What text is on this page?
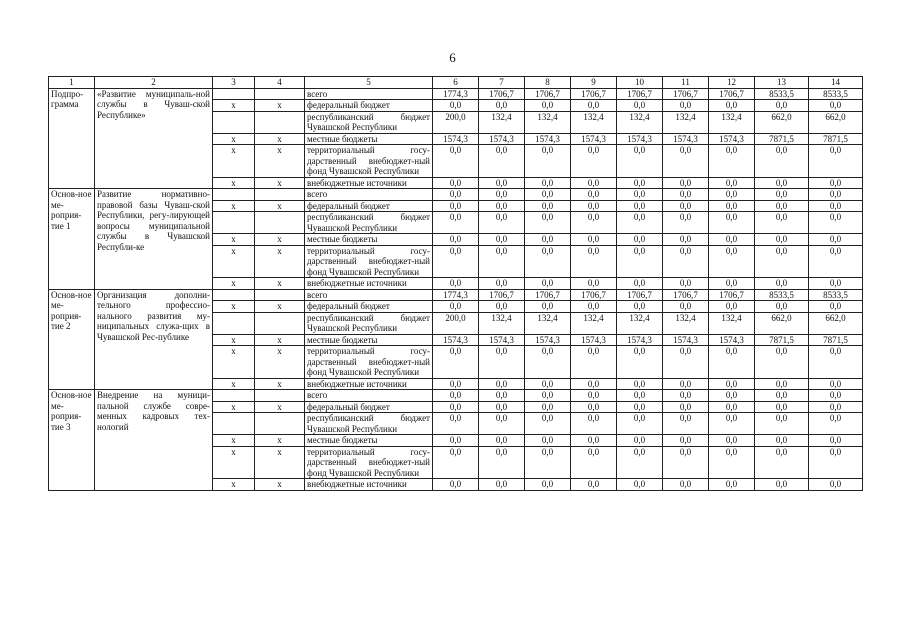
6
1	2	3	4	5	6	7	8	9	10	11	12	13	14
Подпро-грамма	«Развитие муниципаль-ной службы в Чуваш-ской Республике»			всего	1774,3	1706,7	1706,7	1706,7	1706,7	1706,7	1706,7	8533,5	8533,5
		x	x	федеральный бюджет	0,0	0,0	0,0	0,0	0,0	0,0	0,0	0,0	0,0
				республиканский бюджет Чувашской Республики	200,0	132,4	132,4	132,4	132,4	132,4	132,4	662,0	662,0
		x	x	местные бюджеты	1574,3	1574,3	1574,3	1574,3	1574,3	1574,3	1574,3	7871,5	7871,5
		x	x	территориальный госу-дарственный внебюджет-ный фонд Чувашской Республики	0,0	0,0	0,0	0,0	0,0	0,0	0,0	0,0	0,0
		x	x	внебюджетные источники	0,0	0,0	0,0	0,0	0,0	0,0	0,0	0,0	0,0
Основ-ное ме-роприя-тие 1	Развитие нормативно-правовой базы Чуваш-ской Республики, регу-лирующей вопросы муниципальной службы в Чувашской Республи-ке			всего	0,0	0,0	0,0	0,0	0,0	0,0	0,0	0,0	0,0
		x	x	федеральный бюджет	0,0	0,0	0,0	0,0	0,0	0,0	0,0	0,0	0,0
				республиканский бюджет Чувашской Республики	0,0	0,0	0,0	0,0	0,0	0,0	0,0	0,0	0,0
		x	x	местные бюджеты	0,0	0,0	0,0	0,0	0,0	0,0	0,0	0,0	0,0
		x	x	территориальный госу-дарственный внебюджет-ный фонд Чувашской Республики	0,0	0,0	0,0	0,0	0,0	0,0	0,0	0,0	0,0
		x	x	внебюджетные источники	0,0	0,0	0,0	0,0	0,0	0,0	0,0	0,0	0,0
Основ-ное ме-роприя-тие 2	Организация дополни-тельного профессио-нального развития му-ниципальных служа-щих в Чувашской Рес-публике			всего	1774,3	1706,7	1706,7	1706,7	1706,7	1706,7	1706,7	8533,5	8533,5
		x	x	федеральный бюджет	0,0	0,0	0,0	0,0	0,0	0,0	0,0	0,0	0,0
				республиканский бюджет Чувашской Республики	200,0	132,4	132,4	132,4	132,4	132,4	132,4	662,0	662,0
		x	x	местные бюджеты	1574,3	1574,3	1574,3	1574,3	1574,3	1574,3	1574,3	7871,5	7871,5
		x	x	территориальный госу-дарственный внебюджет-ный фонд Чувашской Республики	0,0	0,0	0,0	0,0	0,0	0,0	0,0	0,0	0,0
		x	x	внебюджетные источники	0,0	0,0	0,0	0,0	0,0	0,0	0,0	0,0	0,0
Основ-ное ме-роприя-тие 3	Внедрение на муници-пальной службе совре-менных кадровых тех-нологий			всего	0,0	0,0	0,0	0,0	0,0	0,0	0,0	0,0	0,0
		x	x	федеральный бюджет	0,0	0,0	0,0	0,0	0,0	0,0	0,0	0,0	0,0
				республиканский бюджет Чувашской Республики	0,0	0,0	0,0	0,0	0,0	0,0	0,0	0,0	0,0
		x	x	местные бюджеты	0,0	0,0	0,0	0,0	0,0	0,0	0,0	0,0	0,0
		x	x	территориальный госу-дарственный внебюджет-ный фонд Чувашской Республики	0,0	0,0	0,0	0,0	0,0	0,0	0,0	0,0	0,0
		x	x	внебюджетные источники	0,0	0,0	0,0	0,0	0,0	0,0	0,0	0,0	0,0
